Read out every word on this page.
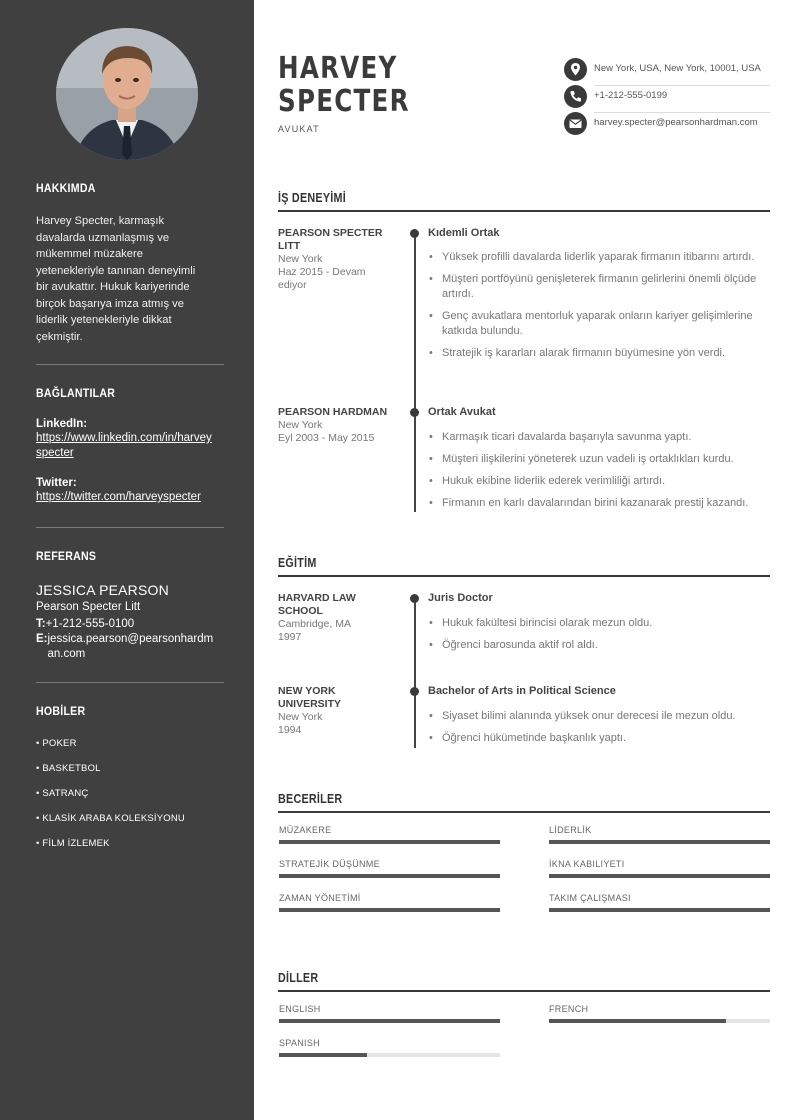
HAKKIMDA
Harvey Specter, karmaşık davalarda uzmanlaşmış ve mükemmel müzakere yetenekleriyle tanınan deneyimli bir avukattır. Hukuk kariyerinde birçok başarıya imza atmış ve liderlik yetenekleriyle dikkat çekmiştir.
BAĞLANTILAR
LinkedIn:
https://www.linkedin.com/in/harveyspecter
Twitter:
https://twitter.com/harveyspecter
REFERANS
JESSICA PEARSON
Pearson Specter Litt
T:+1-212-555-0100
E: jessica.pearson@pearsonhardman.com
HOBİLER
• POKER
• BASKETBOL
• SATRANÇ
• KLASİK ARABA KOLEKSİYONU
• FİLM İZLEMEK
HARVEY
SPECTER
AVUKAT
New York, USA, New York, 10001, USA
+1-212-555-0199
harvey.specter@pearsonhardman.com
İŞ DENEYİMİ
PEARSON SPECTER LITT
New York
Haz 2015 - Devam ediyor
Kıdemli Ortak
• Yüksek profilli davalarda liderlik yaparak firmanın itibarını artırdı.
• Müşteri portföyünü genişleterek firmanın gelirlerini önemli ölçüde artırdı.
• Genç avukatlara mentorluk yaparak onların kariyer gelişimlerine katkıda bulundu.
• Stratejik iş kararları alarak firmanın büyümesine yön verdi.
PEARSON HARDMAN
New York
Eyl 2003 - May 2015
Ortak Avukat
• Karmaşık ticari davalarda başarıyla savunma yaptı.
• Müşteri ilişkilerini yöneterek uzun vadeli iş ortaklıkları kurdu.
• Hukuk ekibine liderlik ederek verimliliği artırdı.
• Firmanın en karlı davalarından birini kazanarak prestij kazandı.
EĞİTİM
HARVARD LAW SCHOOL
Cambridge, MA
1997
Juris Doctor
• Hukuk fakültesi birincisi olarak mezun oldu.
• Öğrenci barosunda aktif rol aldı.
NEW YORK UNIVERSITY
New York
1994
Bachelor of Arts in Political Science
• Siyaset bilimi alanında yüksek onur derecesi ile mezun oldu.
• Öğrenci hükümetinde başkanlık yaptı.
BECERİLER
MÜZAKERE	LİDERLİK
STRATEJİK DÜŞÜNME	İKNA KABILIYETI
ZAMAN YÖNETİMİ	TAKIM ÇALIŞMASI
DİLLER
ENGLISH	FRENCH
SPANISH
